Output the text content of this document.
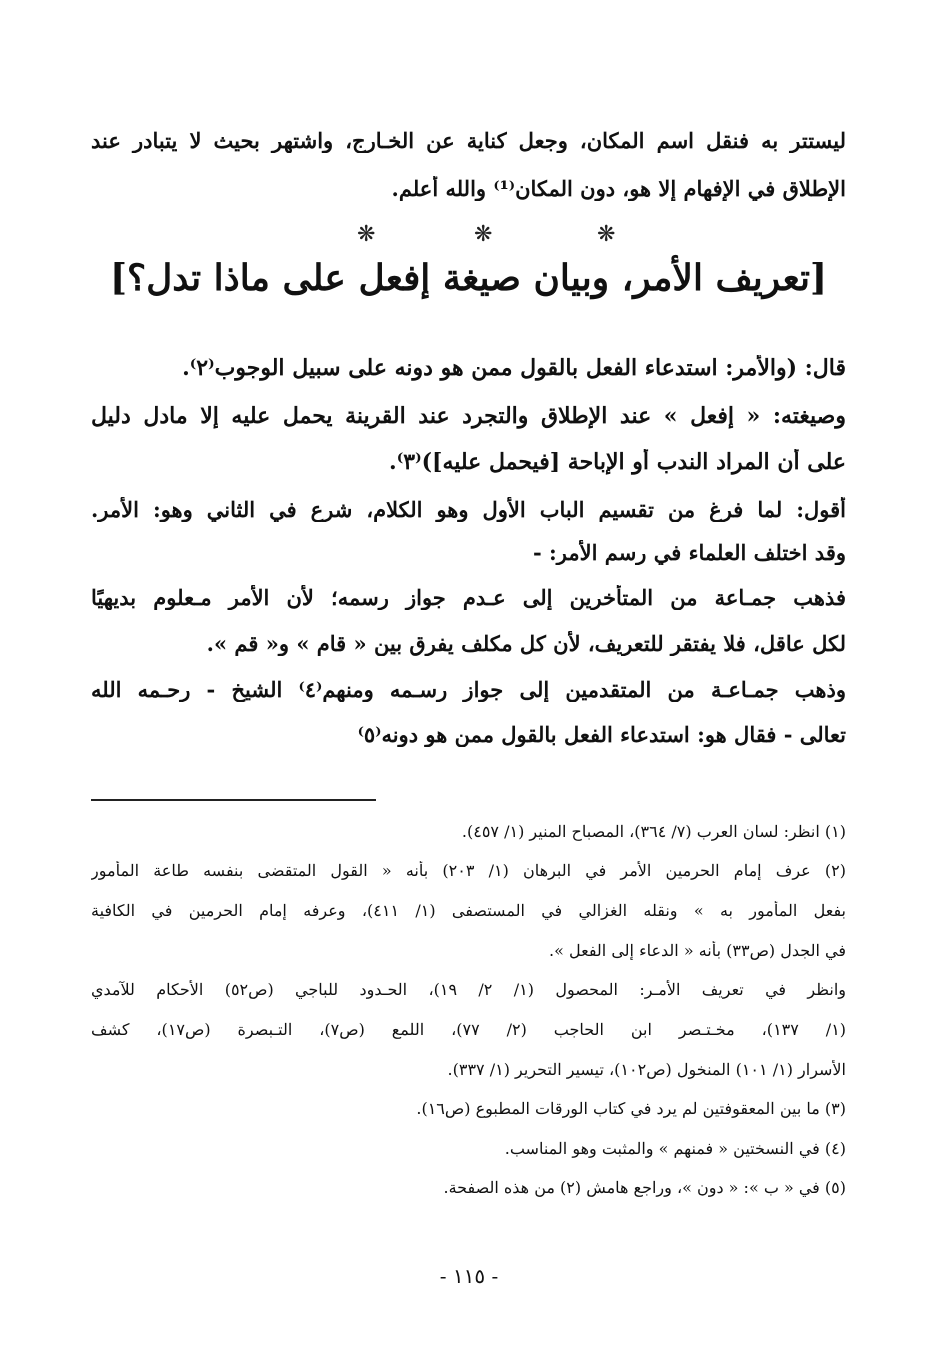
ليستتر به فنقل اسم المكان، وجعل كناية عن الخـارج، واشتهر بحيث لا يتبادر عند
الإطلاق في الإفهام إلا هو، دون المكان⁽¹⁾ والله أعلم.
❋	❋	❋
[تعريف الأمر، وبيان صيغة إفعل على ماذا تدل؟]
قال: (والأمر: استدعاء الفعل بالقول ممن هو دونه على سبيل الوجوب⁽٢⁾.
وصيغته: « إفعل » عند الإطلاق والتجرد عند القرينة يحمل عليه إلا مادل دليل
على أن المراد الندب أو الإباحة [فيحمل عليه])⁽٣⁾.
أقول: لما فرغ من تقسيم الباب الأول وهو الكلام، شرع في الثاني وهو: الأمر.
وقد اختلف العلماء في رسم الأمر: -
فذهب جمـاعة من المتأخرين إلى عـدم جواز رسمه؛ لأن الأمر مـعلوم بديهيًا
لكل عاقل، فلا يفتقر للتعريف، لأن كل مكلف يفرق بين « قام » و« قم ».
وذهب جمـاعـة من المتقدمين إلى جواز رسـمه ومنهم⁽٤⁾ الشيخ - رحـمه الله
تعالى - فقال هو: استدعاء الفعل بالقول ممن هو دونه⁽٥⁾
(١) انظر: لسان العرب (٧/ ٣٦٤)، المصباح المنير (١/ ٤٥٧).
(٢) عرف إمام الحرمين الأمر في البرهان (١/ ٢٠٣) بأنه « القول المتقضى بنفسه طاعة المأمور
بفعل المأمور به » ونقله الغزالي في المستصفى (١/ ٤١١)، وعرفه إمام الحرمين في الكافية
في الجدل (ص٣٣) بأنه « الدعاء إلى الفعل ».
وانظر في تعريف الأمـر: المحصول (١/ ٢/ ١٩)، الحـدود للباجي (ص٥٢) الأحكام للآمدي
(١/ ١٣٧)، مخـتـصر ابن الحاجب (٢/ ٧٧)، اللمع (ص٧)، التـبصرة (ص١٧)، كشف
الأسرار (١/ ١٠١) المنخول (ص١٠٢)، تيسير التحرير (١/ ٣٣٧).
(٣) ما بين المعقوفتين لم يرد في كتاب الورقات المطبوع (ص١٦).
(٤) في النسختين « فمنهم » والمثبت وهو المناسب.
(٥) في « ب »: « دون »، وراجع هامش (٢) من هذه الصفحة.
- ١١٥ -
